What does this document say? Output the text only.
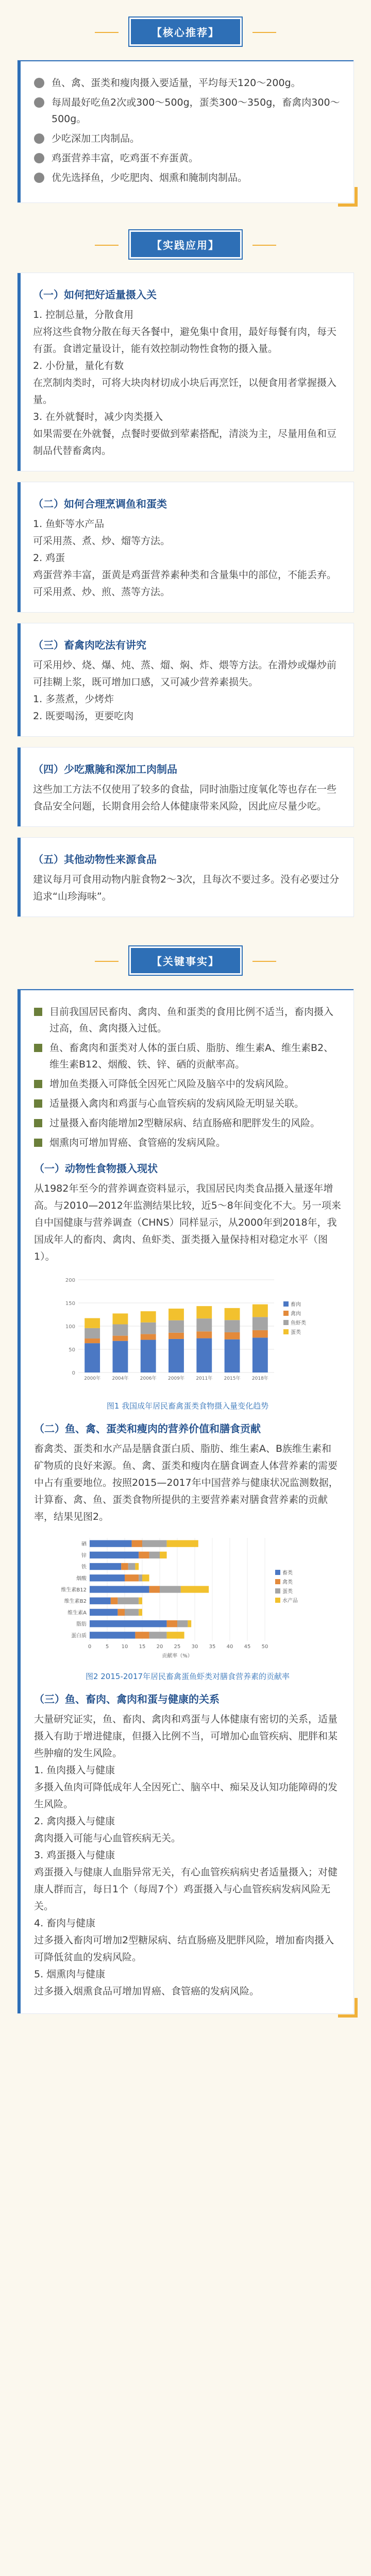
【核心推荐】
鱼、禽、蛋类和瘦肉摄入要适量，平均每天120～200g。
每周最好吃鱼2次或300～500g，蛋类300～350g，畜禽肉300～500g。
少吃深加工肉制品。
鸡蛋营养丰富，吃鸡蛋不弃蛋黄。
优先选择鱼，少吃肥肉、烟熏和腌制肉制品。
【实践应用】
（一）如何把好适量摄入关
1. 控制总量，分散食用
应将这些食物分散在每天各餐中，避免集中食用，最好每餐有肉，每天有蛋。食谱定量设计，能有效控制动物性食物的摄入量。
2. 小份量，量化有数
在烹制肉类时，可将大块肉材切成小块后再烹饪，以便食用者掌握摄入量。
3. 在外就餐时，减少肉类摄入
如果需要在外就餐，点餐时要做到荤素搭配，清淡为主，尽量用鱼和豆制品代替畜禽肉。
（二）如何合理烹调鱼和蛋类
1. 鱼虾等水产品
可采用蒸、煮、炒、熘等方法。
2. 鸡蛋
鸡蛋营养丰富，蛋黄是鸡蛋营养素种类和含量集中的部位，不能丢弃。可采用煮、炒、煎、蒸等方法。
（三）畜禽肉吃法有讲究
可采用炒、烧、爆、炖、蒸、熘、焖、炸、煨等方法。在滑炒或爆炒前可挂糊上浆，既可增加口感，又可减少营养素损失。
1. 多蒸煮，少烤炸
2. 既要喝汤，更要吃肉
（四）少吃熏腌和深加工肉制品
这些加工方法不仅使用了较多的食盐，同时油脂过度氧化等也存在一些食品安全问题，长期食用会给人体健康带来风险，因此应尽量少吃。
（五）其他动物性来源食品
建议每月可食用动物内脏食物2～3次，且每次不要过多。没有必要过分追求“山珍海味”。
【关键事实】
目前我国居民畜肉、禽肉、鱼和蛋类的食用比例不适当，畜肉摄入过高，鱼、禽肉摄入过低。
鱼、畜禽肉和蛋类对人体的蛋白质、脂肪、维生素A、维生素B2、维生素B12、烟酸、铁、锌、硒的贡献率高。
增加鱼类摄入可降低全因死亡风险及脑卒中的发病风险。
适量摄入禽肉和鸡蛋与心血管疾病的发病风险无明显关联。
过量摄入畜肉能增加2型糖尿病、结直肠癌和肥胖发生的风险。
烟熏肉可增加胃癌、食管癌的发病风险。
（一）动物性食物摄入现状
从1982年至今的营养调查资料显示，我国居民肉类食品摄入量逐年增高。与2010—2012年监测结果比较，近5～8年间变化不大。另一项来自中国健康与营养调查（CHNS）同样显示，从2000年到2018年，我国成年人的畜肉、禽肉、鱼虾类、蛋类摄入量保持相对稳定水平（图1）。
0
50
100
150
200
2000年 2004年 2006年 2009年 2011年 2015年 2018年
畜肉
禽肉
鱼虾类
蛋类
图1 我国成年居民畜禽蛋类食物摄入量变化趋势
（二）鱼、禽、蛋类和瘦肉的营养价值和膳食贡献
畜禽类、蛋类和水产品是膳食蛋白质、脂肪、维生素A、B族维生素和矿物质的良好来源。鱼、禽、蛋类和瘦肉在膳食调查人体营养素的需要中占有重要地位。按照2015—2017年中国营养与健康状况监测数据，计算畜、禽、鱼、蛋类食物所提供的主要营养素对膳食营养素的贡献率，结果见图2。
0	5 10 15 20 25 30 35 40 45 50
硒
锌
铁
烟酸
维生素B12
维生素B2
维生素A
脂肪
蛋白质
贡献率（%）
畜类
禽类
蛋类
水产品
图2 2015-2017年居民畜禽蛋鱼虾类对膳食营养素的贡献率
（三）鱼、畜肉、禽肉和蛋与健康的关系
大量研究证实，鱼、畜肉、禽肉和鸡蛋与人体健康有密切的关系，适量摄入有助于增进健康，但摄入比例不当，可增加心血管疾病、肥胖和某些肿瘤的发生风险。
1. 鱼肉摄入与健康
多摄入鱼肉可降低成年人全因死亡、脑卒中、痴呆及认知功能障碍的发生风险。
2. 禽肉摄入与健康
禽肉摄入可能与心血管疾病无关。
3. 鸡蛋摄入与健康
鸡蛋摄入与健康人血脂异常无关，有心血管疾病病史者适量摄入；对健康人群而言，每日1个（每周7个）鸡蛋摄入与心血管疾病发病风险无关。
4. 畜肉与健康
过多摄入畜肉可增加2型糖尿病、结直肠癌及肥胖风险，增加畜肉摄入可降低贫血的发病风险。
5. 烟熏肉与健康
过多摄入烟熏食品可增加胃癌、食管癌的发病风险。
